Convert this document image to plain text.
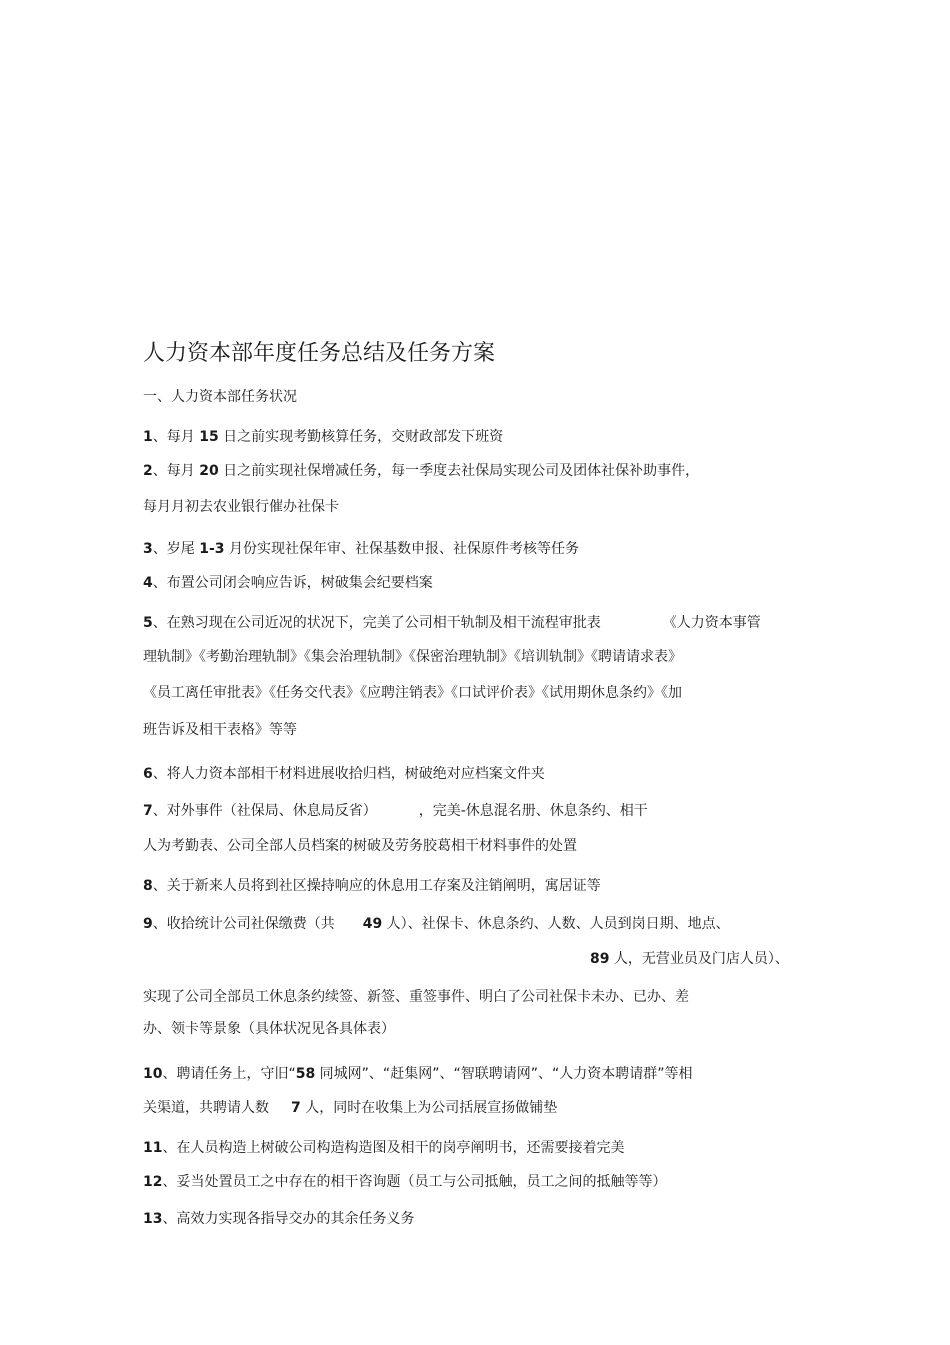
人力资本部年度任务总结及任务方案
一、人力资本部任务状况
1、每月 15 日之前实现考勤核算任务，交财政部发下班资
2、每月 20 日之前实现社保增减任务，每一季度去社保局实现公司及团体社保补助事件，
每月月初去农业银行催办社保卡
3、岁尾 1-3 月份实现社保年审、社保基数申报、社保原件考核等任务
4、布置公司闭会响应告诉，树破集会纪要档案
5、在熟习现在公司近况的状况下，完美了公司相干轨制及相干流程审批表	《人力资本事管
理轨制》《考勤治理轨制》《集会治理轨制》《保密治理轨制》《培训轨制》《聘请请求表》
《员工离任审批表》《任务交代表》《应聘注销表》《口试评价表》《试用期休息条约》《加
班告诉及相干表格》等等
6、将人力资本部相干材料进展收拾归档，树破绝对应档案文件夹
7、对外事件（社保局、休息局反省）	，完美-休息混名册、休息条约、相干
人为考勤表、公司全部人员档案的树破及劳务胶葛相干材料事件的处置
8、关于新来人员将到社区操持响应的休息用工存案及注销阐明，寓居证等
9、收拾统计公司社保缴费（共 49 人）、社保卡、休息条约、人数、人员到岗日期、地点、
89 人，无营业员及门店人员）、
实现了公司全部员工休息条约续签、新签、重签事件、明白了公司社保卡未办、已办、差
办、领卡等景象（具体状况见各具体表）
10、聘请任务上，守旧“58 同城网”、“赶集网”、“智联聘请网”、“人力资本聘请群”等相
关渠道，共聘请人数 7 人，同时在收集上为公司括展宣扬做铺垫
11、在人员构造上树破公司构造构造图及相干的岗亭阐明书，还需要接着完美
12、妥当处置员工之中存在的相干咨询题（员工与公司抵触，员工之间的抵触等等）
13、高效力实现各指导交办的其余任务义务
